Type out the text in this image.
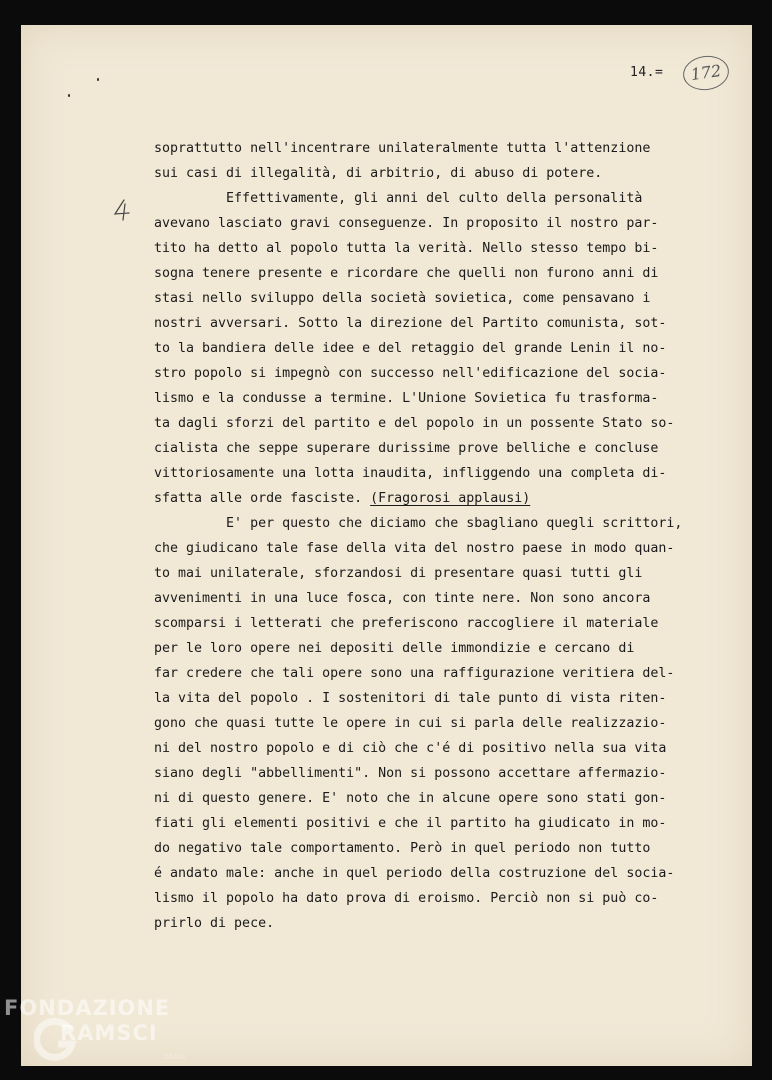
14.=	172
soprattutto nell'incentrare unilateralmente tutta l'attenzione
sui casi di illegalità, di arbitrio, di abuso di potere.
Effettivamente, gli anni del culto della personalità
avevano lasciato gravi conseguenze. In proposito il nostro par-
tito ha detto al popolo tutta la verità. Nello stesso tempo bi-
sogna tenere presente e ricordare che quelli non furono anni di
stasi nello sviluppo della società sovietica, come pensavano i
nostri avversari. Sotto la direzione del Partito comunista, sot-
to la bandiera delle idee e del retaggio del grande Lenin il no-
stro popolo si impegnò con successo nell'edificazione del socia-
lismo e la condusse a termine. L'Unione Sovietica fu trasforma-
ta dagli sforzi del partito e del popolo in un possente Stato so-
cialista che seppe superare durissime prove belliche e concluse
vittoriosamente una lotta inaudita, infliggendo una completa di-
sfatta alle orde fasciste. (Fragorosi applausi)
E' per questo che diciamo che sbagliano quegli scrittori,
che giudicano tale fase della vita del nostro paese in modo quan-
to mai unilaterale, sforzandosi di presentare quasi tutti gli
avvenimenti in una luce fosca, con tinte nere. Non sono ancora
scomparsi i letterati che preferiscono raccogliere il materiale
per le loro opere nei depositi delle immondizie e cercano di
far credere che tali opere sono una raffigurazione veritiera del-
la vita del popolo . I sostenitori di tale punto di vista riten-
gono che quasi tutte le opere in cui si parla delle realizzazio-
ni del nostro popolo e di ciò che c'é di positivo nella sua vita
siano degli "abbellimenti". Non si possono accettare affermazio-
ni di questo genere. E' noto che in alcune opere sono stati gon-
fiati gli elementi positivi e che il partito ha giudicato in mo-
do negativo tale comportamento. Però in quel periodo non tutto
é andato male: anche in quel periodo della costruzione del socia-
lismo il popolo ha dato prova di eroismo. Perciò non si può co-
prirlo di pece.
FONDAZIONE
RAMSCI
onlus
